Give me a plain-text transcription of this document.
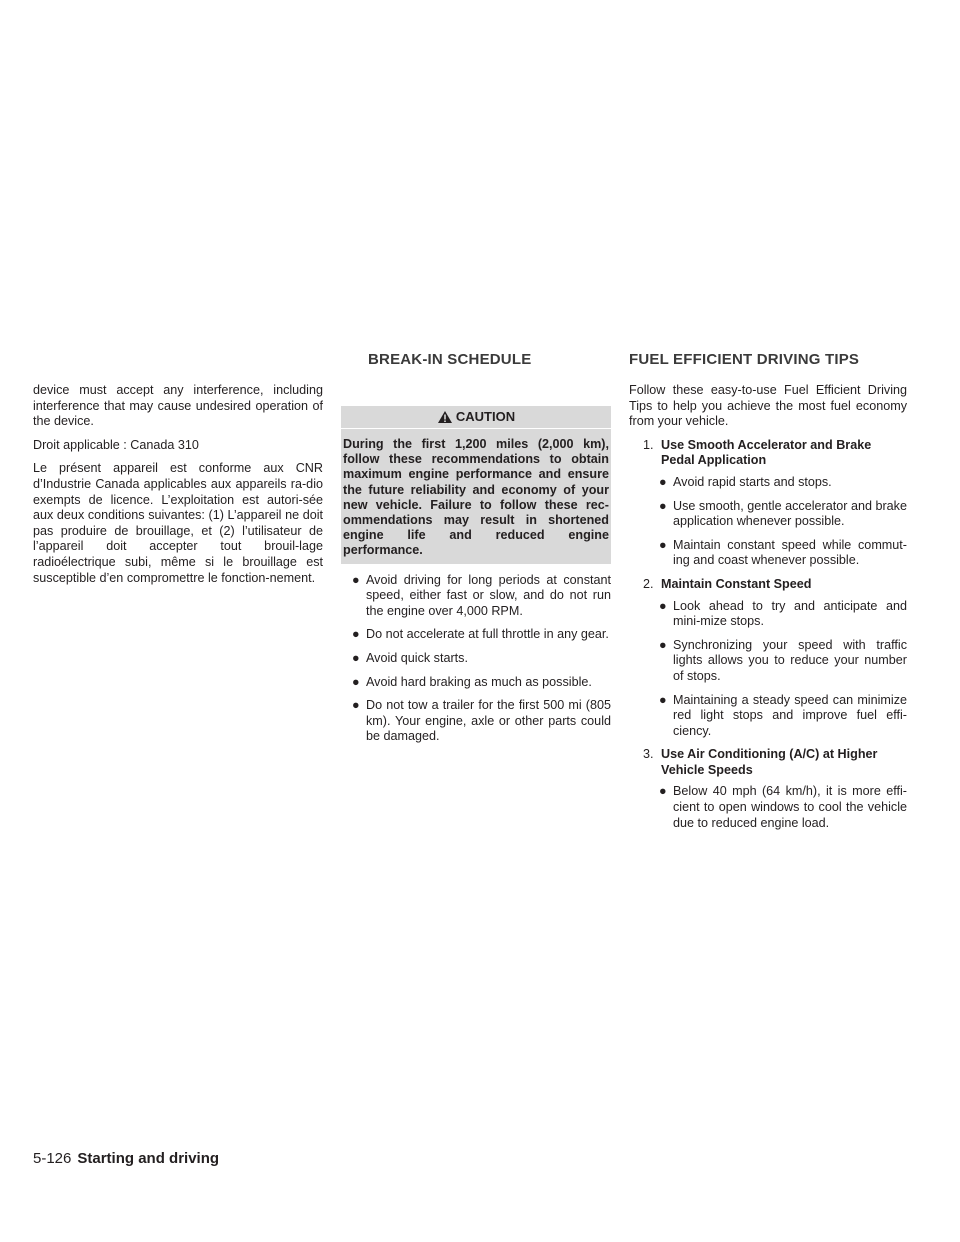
BREAK-IN SCHEDULE	FUEL EFFICIENT DRIVING TIPS

device must accept any interference, including interference that may cause undesired operation of the device.

Droit applicable : Canada 310

Le présent appareil est conforme aux CNR d’Industrie Canada applicables aux appareils ra-dio exempts de licence. L’exploitation est autori-sée aux deux conditions suivantes: (1) L’appareil ne doit pas produire de brouillage, et (2) l’utilisateur de l’appareil doit accepter tout brouil-lage radioélectrique subi, même si le brouillage est susceptible d’en compromettre le fonction-nement.

CAUTION
During the first 1,200 miles (2,000 km), follow these recommendations to obtain maximum engine performance and ensure the future reliability and economy of your new vehicle. Failure to follow these rec-ommendations may result in shortened engine life and reduced engine performance.
● Avoid driving for long periods at constant speed, either fast or slow, and do not run the engine over 4,000 RPM.
● Do not accelerate at full throttle in any gear.
● Avoid quick starts.
● Avoid hard braking as much as possible.
● Do not tow a trailer for the first 500 mi (805 km). Your engine, axle or other parts could be damaged.

Follow these easy-to-use Fuel Efficient Driving Tips to help you achieve the most fuel economy from your vehicle.

1. Use Smooth Accelerator and Brake Pedal Application
● Avoid rapid starts and stops.
● Use smooth, gentle accelerator and brake application whenever possible.
● Maintain constant speed while commut-ing and coast whenever possible.
2. Maintain Constant Speed
● Look ahead to try and anticipate and mini-mize stops.
● Synchronizing your speed with traffic lights allows you to reduce your number of stops.
● Maintaining a steady speed can minimize red light stops and improve fuel effi-ciency.
3. Use Air Conditioning (A/C) at Higher Vehicle Speeds
● Below 40 mph (64 km/h), it is more effi-cient to open windows to cool the vehicle due to reduced engine load.
5-126 Starting and driving
